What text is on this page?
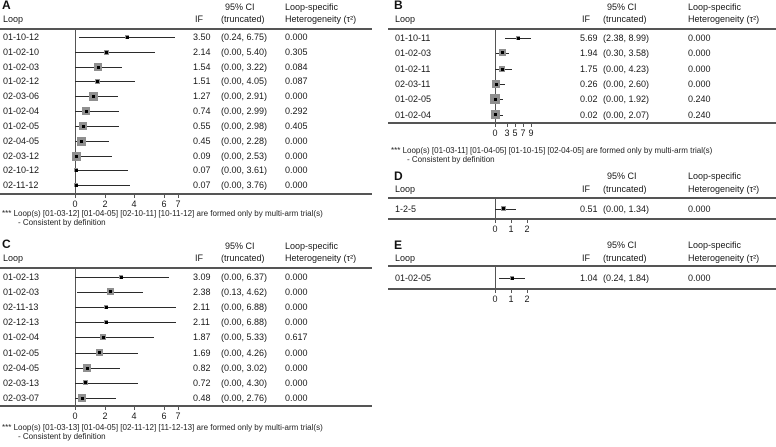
A	95% CI	Loop-specific
Loop	IF (truncated) Heterogeneity (τ²)
01-10-12	3.50 (0.24, 6.75) 0.000
01-02-10	2.14 (0.00, 5.40) 0.305
01-02-03	1.54 (0.00, 3.22) 0.084
01-02-12	1.51 (0.00, 4.05) 0.087
02-03-06	1.27 (0.00, 2.91) 0.000
01-02-04	0.74 (0.00, 2.99) 0.292
01-02-05	0.55 (0.00, 2.98) 0.405
02-04-05	0.45 (0.00, 2.28) 0.000
02-03-12	0.09 (0.00, 2.53) 0.000
02-10-12	0.07 (0.00, 3.61) 0.000
02-11-12	0.07 (0.00, 3.76) 0.000
0	2	4	6 7
*** Loop(s) [01-03-12] [01-04-05] [02-10-11] [10-11-12] are formed only by multi-arm trial(s)
- Consistent by definition
B	95% CI	Loop-specific
Loop	IF (truncated)	Heterogeneity (τ²)
01-10-11	5.69 (2.38, 8.99)	0.000
01-02-03	1.94 (0.30, 3.58)	0.000
01-02-11	1.75 (0.00, 4.23)	0.000
02-03-11	0.26 (0.00, 2.60)	0.000
01-02-05	0.02 (0.00, 1.92)	0.240
01-02-04	0.02 (0.00, 2.07)	0.240
0 3 5 7 9
*** Loop(s) [01-03-11] [01-04-05] [01-10-15] [02-04-05] are formed only by multi-arm trial(s)
- Consistent by definition
C	95% CI	Loop-specific
Loop	IF (truncated) Heterogeneity (τ²)
01-02-13	3.09 (0.00, 6.37) 0.000
01-02-03	2.38 (0.13, 4.62) 0.000
02-11-13	2.11 (0.00, 6.88) 0.000
02-12-13	2.11 (0.00, 6.88) 0.000
01-02-04	1.87 (0.00, 5.33) 0.617
01-02-05	1.69 (0.00, 4.26) 0.000
02-04-05	0.82 (0.00, 3.02) 0.000
02-03-13	0.72 (0.00, 4.30) 0.000
02-03-07	0.48 (0.00, 2.76) 0.000
0	2	4	6 7
*** Loop(s) [01-03-13] [01-04-05] [02-11-12] [11-12-13] are formed only by multi-arm trial(s)
- Consistent by definition
D	95% CI	Loop-specific
Loop	IF (truncated)	Heterogeneity (τ²)
1-2-5	0.51 (0.00, 1.34)	0.000
0 1 2
E	95% CI	Loop-specific
Loop	IF (truncated)	Heterogeneity (τ²)
01-02-05	1.04 (0.24, 1.84)	0.000
0 1 2
